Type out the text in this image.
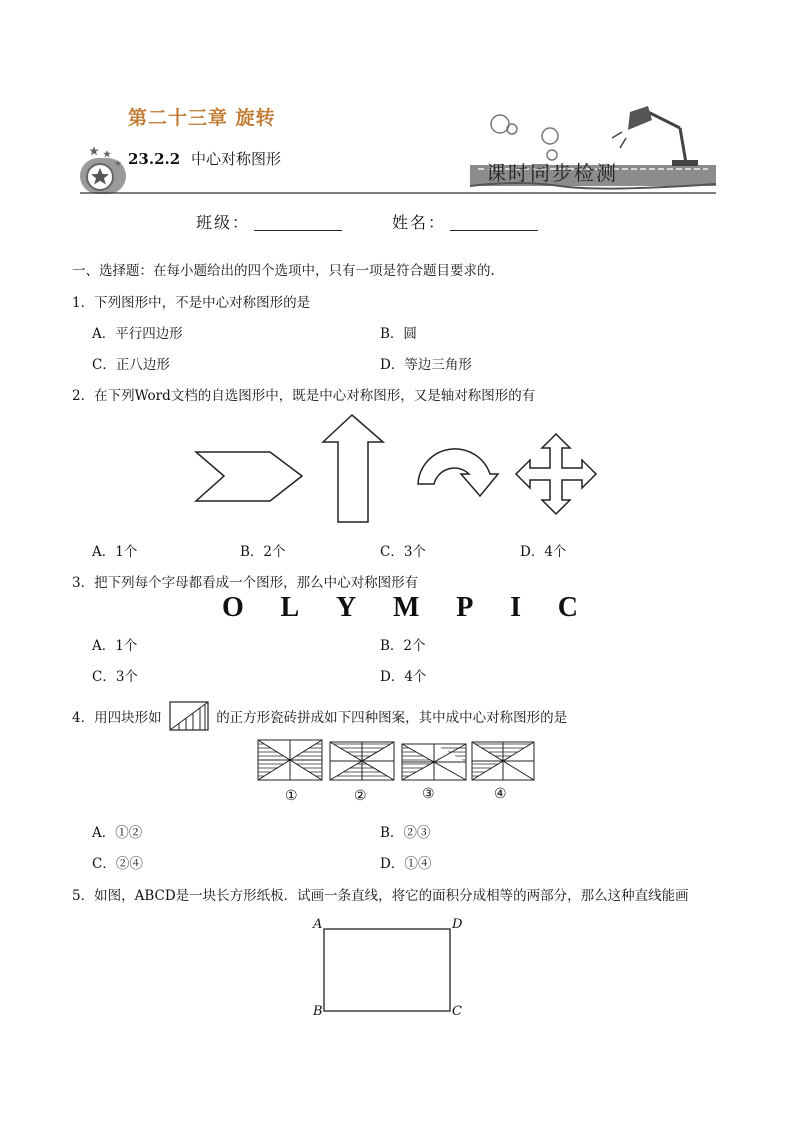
第二十三章 旋转
23.2.2 中心对称图形
课时同步检测
班级：	姓名：
一、选择题：在每小题给出的四个选项中，只有一项是符合题目要求的.
1．下列图形中，不是中心对称图形的是
A．平行四边形	B．圆
C．正八边形	D．等边三角形
2．在下列Word文档的自选图形中，既是中心对称图形，又是轴对称图形的有
A．1个	B．2个	C．3个	D．4个
3．把下列每个字母都看成一个图形，那么中心对称图形有
O L Y M P I C
A．1个	B．2个
C．3个	D．4个
4．用四块形如	的正方形瓷砖拼成如下四种图案，其中成中心对称图形的是
①	②	③	④
A．①②	B．②③
C．②④	D．①④
5．如图，ABCD是一块长方形纸板．试画一条直线，将它的面积分成相等的两部分，那么这种直线能画
A	D
B	C
